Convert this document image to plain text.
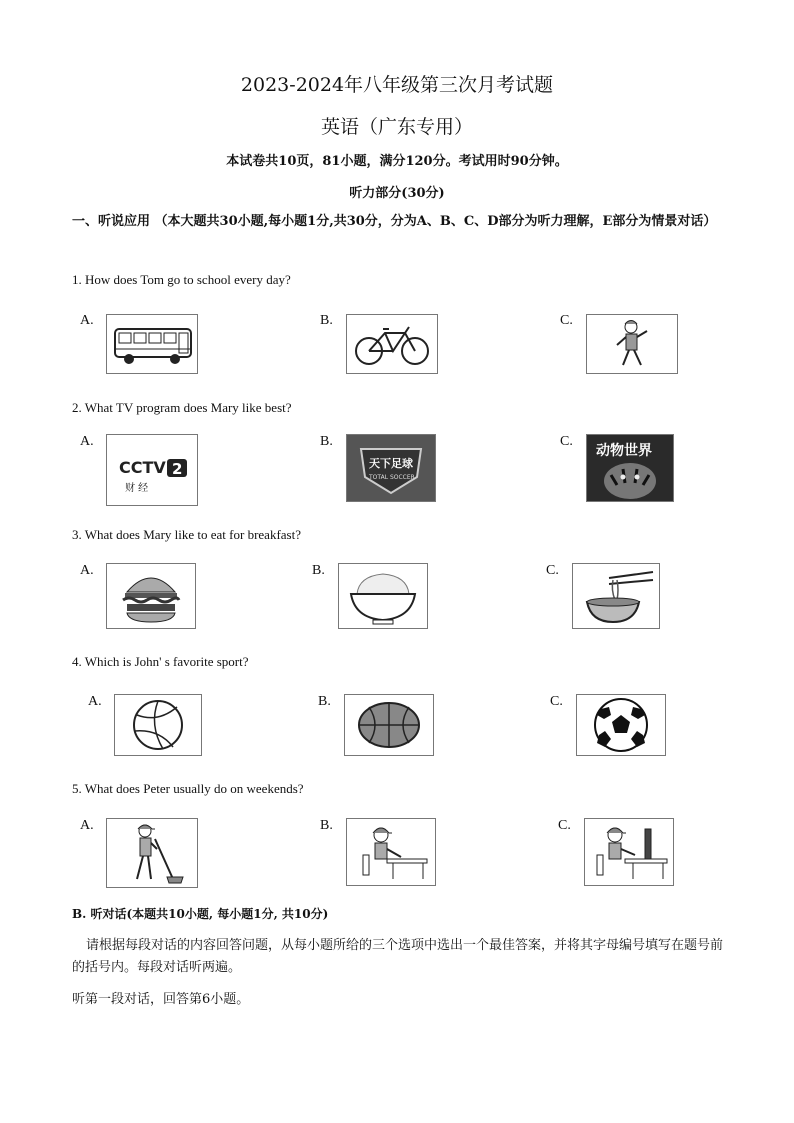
2023-2024年八年级第三次月考试题
英语（广东专用）
本试卷共10页，81小题，满分120分。考试用时90分钟。
听力部分(30分)
一、听说应用 （本大题共30小题,每小题1分,共30分，分为A、B、C、D部分为听力理解，E部分为情景对话）
1. How does Tom go to school every day?
A.	B.	C.
2. What TV program does Mary like best?
A.
CCTV 2
财 经
B.
天下足球
TOTAL SOCCER
C.
动物世界
3. What does Mary like to eat for breakfast?
A.	B.	C.
4. Which is John' s favorite sport?
A.	B.	C.
5. What does Peter usually do on weekends?
A.	B.	C.
B. 听对话(本题共10小题, 每小题1分, 共10分)
请根据每段对话的内容回答问题，从每小题所给的三个选项中选出一个最佳答案，并将其字母编号填写在题号前的括号内。每段对话听两遍。
听第一段对话，回答第6小题。
